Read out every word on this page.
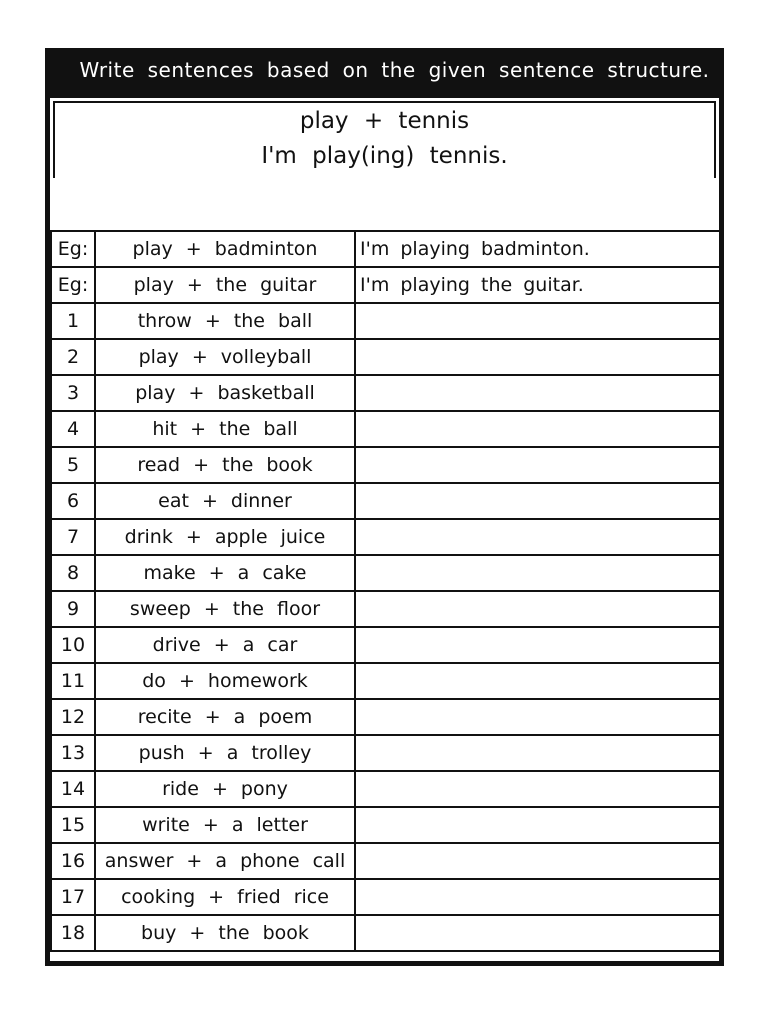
Write sentences based on the given sentence structure.
play + tennis
I'm play(ing) tennis.
Eg:	play + badminton	I'm playing badminton.
Eg:	play + the guitar	I'm playing the guitar.
1	throw + the ball	
2	play + volleyball	
3	play + basketball	
4	hit + the ball	
5	read + the book	
6	eat + dinner	
7	drink + apple juice	
8	make + a cake	
9	sweep + the floor	
10	drive + a car	
11	do + homework	
12	recite + a poem	
13	push + a trolley	
14	ride + pony	
15	write + a letter	
16	answer + a phone call	
17	cooking + fried rice	
18	buy + the book	
